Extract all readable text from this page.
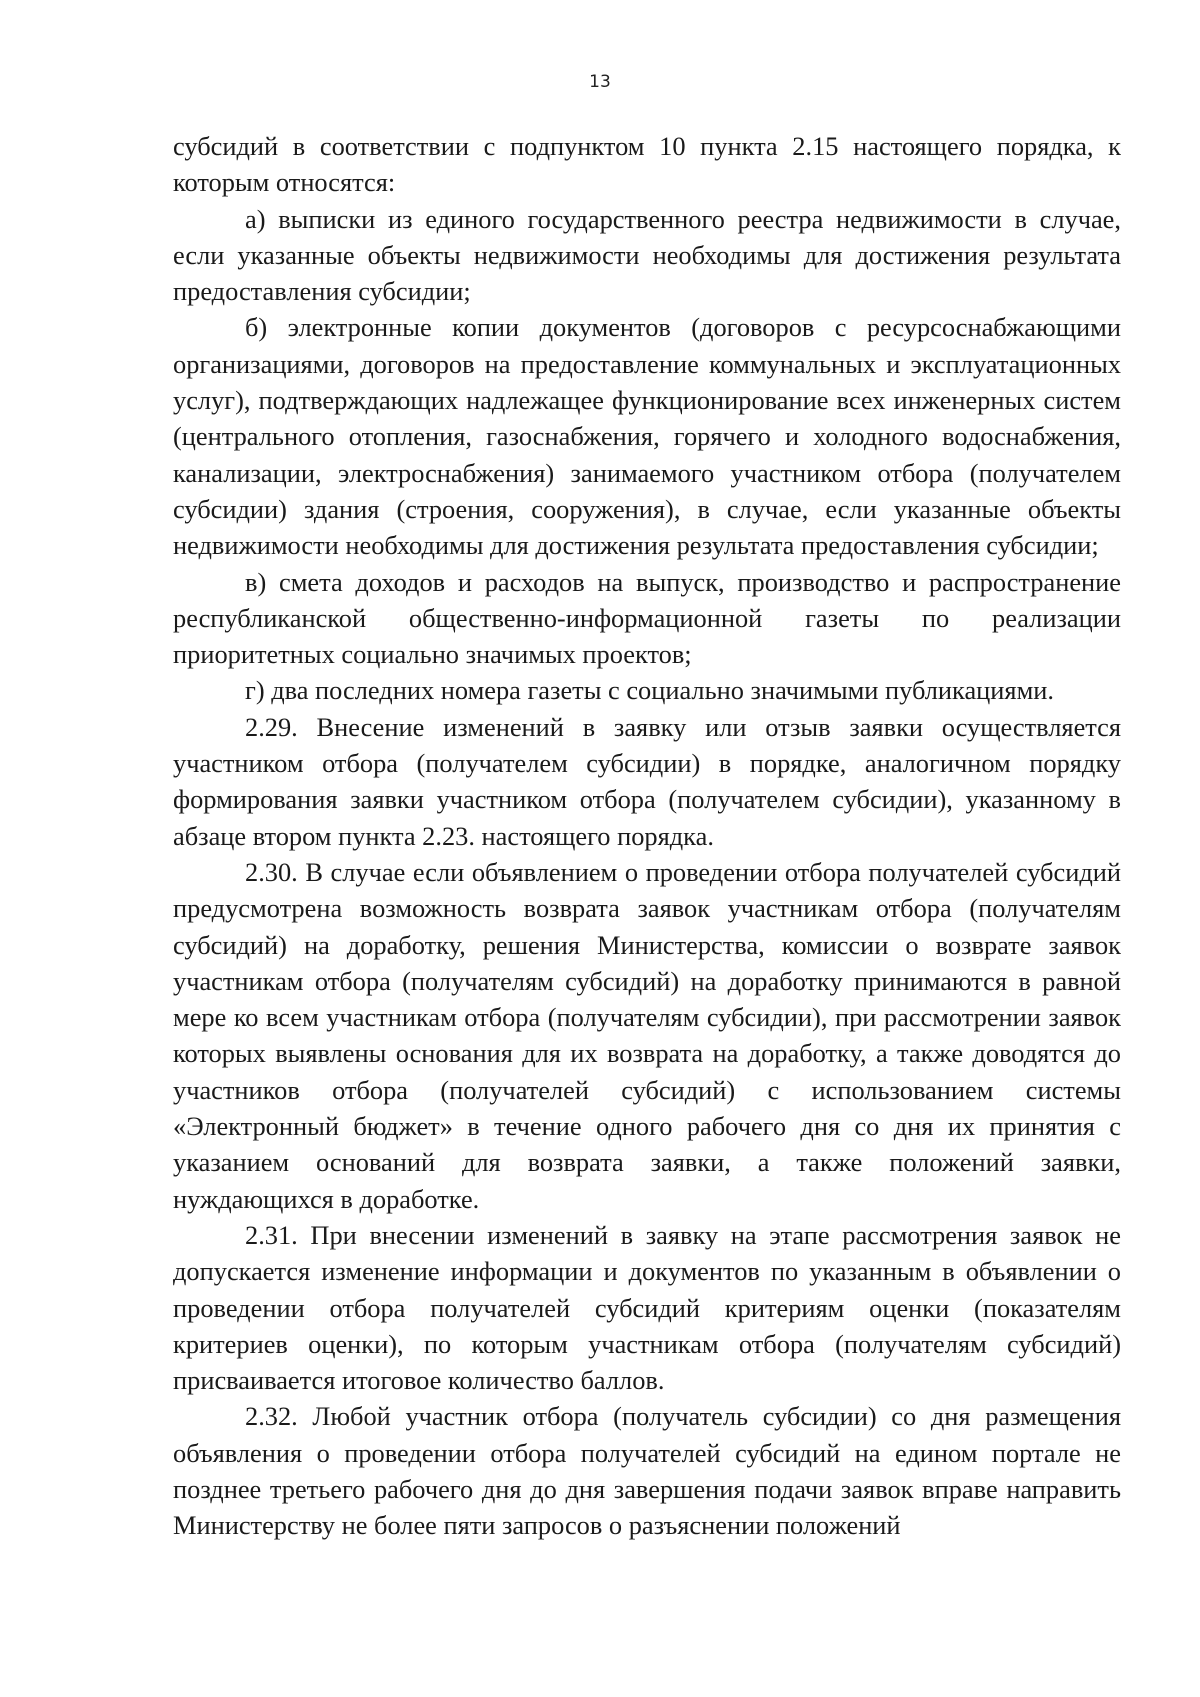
13

субсидий в соответствии с подпунктом 10 пункта 2.15 настоящего порядка, к которым относятся:

а) выписки из единого государственного реестра недвижимости в случае, если указанные объекты недвижимости необходимы для достижения результата предоставления субсидии;

б) электронные копии документов (договоров с ресурсоснабжающими организациями, договоров на предоставление коммунальных и эксплуатационных услуг), подтверждающих надлежащее функционирование всех инженерных систем (центрального отопления, газоснабжения, горячего и холодного водоснабжения, канализации, электроснабжения) занимаемого участником отбора (получателем субсидии) здания (строения, сооружения), в случае, если указанные объекты недвижимости необходимы для достижения результата предоставления субсидии;

в) смета доходов и расходов на выпуск, производство и распространение республиканской общественно-информационной газеты по реализации приоритетных социально значимых проектов;

г) два последних номера газеты с социально значимыми публикациями.

2.29. Внесение изменений в заявку или отзыв заявки осуществляется участником отбора (получателем субсидии) в порядке, аналогичном порядку формирования заявки участником отбора (получателем субсидии), указанному в абзаце втором пункта 2.23. настоящего порядка.

2.30. В случае если объявлением о проведении отбора получателей субсидий предусмотрена возможность возврата заявок участникам отбора (получателям субсидий) на доработку, решения Министерства, комиссии о возврате заявок участникам отбора (получателям субсидий) на доработку принимаются в равной мере ко всем участникам отбора (получателям субсидии), при рассмотрении заявок которых выявлены основания для их возврата на доработку, а также доводятся до участников отбора (получателей субсидий) с использованием системы «Электронный бюджет» в течение одного рабочего дня со дня их принятия с указанием оснований для возврата заявки, а также положений заявки, нуждающихся в доработке.

2.31. При внесении изменений в заявку на этапе рассмотрения заявок не допускается изменение информации и документов по указанным в объявлении о проведении отбора получателей субсидий критериям оценки (показателям критериев оценки), по которым участникам отбора (получателям субсидий) присваивается итоговое количество баллов.

2.32. Любой участник отбора (получатель субсидии) со дня размещения объявления о проведении отбора получателей субсидий на едином портале не позднее третьего рабочего дня до дня завершения подачи заявок вправе направить Министерству не более пяти запросов о разъяснении положений
